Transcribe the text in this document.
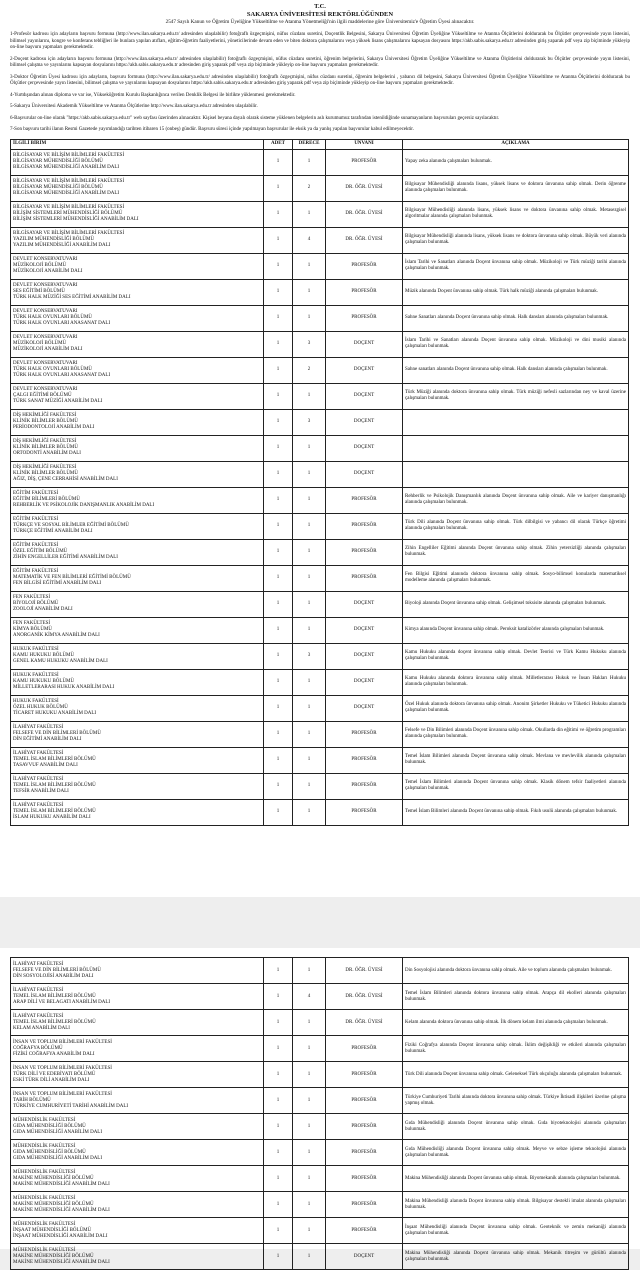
T.C.
SAKARYA ÜNİVERSİTESİ REKTÖRLÜĞÜNDEN
2547 Sayılı Kanun ve Öğretim Üyeliğine Yükseltilme ve Atanma Yönetmeliği'nin ilgili maddelerine göre Üniversitemiz'e Öğretim Üyesi alınacaktır.

1-Profesör kadrosu için adayların başvuru formuna (http://www.ilan.sakarya.edu.tr/ adresinden ulaşılabilir) fotoğraflı özgeçmişini, nüfus cüzdanı suretini, Doçentlik Belgesini, Sakarya Üniversitesi Öğretim Üyeliğine Yükseltilme ve Atanma Ölçütlerini doldurarak bu Ölçütler çerçevesinde yayın listesini, bilimsel yayınlarını, kongre ve konferans tebliğleri ile bunlara yapılan atıfları, eğitim-öğretim faaliyetlerini, yöneticilerinde devam eden ve biten doktora çalışmalarını veya yüksek lisans çalışmalarını kapsayan dosyasını https://akb.sabis.sakarya.edu.tr adresinden giriş yaparak pdf veya zip biçiminde yükleyip on-line başvuru yapmaları gerekmektedir.

2-Doçent kadrosu için adayların başvuru formuna (http://www.ilan.sakarya.edu.tr/ adresinden ulaşılabilir) fotoğraflı özgeçmişini, nüfus cüzdanı suretini, öğrenim belgelerini, Sakarya Üniversitesi Öğretim Üyeliğine Yükseltilme ve Atanma Ölçütlerini doldurarak bu Ölçütler çerçevesinde yayın listesini, bilimsel çalışma ve yayınlarını kapsayan dosyalarını https://akb.sabis.sakarya.edu.tr adresinden giriş yaparak pdf veya zip biçiminde yükleyip on-line başvuru yapmaları gerekmektedir.

3-Doktor Öğretim Üyesi kadrosu için adayların, başvuru formuna (http://www.ilan.sakarya.edu.tr/ adresinden ulaşılabilir) fotoğraflı özgeçmişini, nüfus cüzdanı suretini, öğrenim belgelerini , yabancı dil belgesini, Sakarya Üniversitesi Öğretim Üyeliğine Yükseltilme ve Atanma Ölçütlerini doldurarak bu Ölçütler çerçevesinde yayın listesini, bilimsel çalışma ve yayınlarını kapsayan dosyalarını https://akb.sabis.sakarya.edu.tr adresinden giriş yaparak pdf veya zip biçiminde yükleyip on-line başvuru yapmaları gerekmektedir.

4-Yurtdışından alınan diploma ve var ise, Yükseköğretim Kurulu Başkanlığınca verilen Denklik Belgesi ile birlikte yüklenmesi gerekmektedir.

5-Sakarya Üniversitesi Akademik Yükseltilme ve Atanma Ölçütlerine http://www.ilan.sakarya.edu.tr adresinden ulaşılabilir.

6-Başvurular on-line olarak "https://akb.sabis.sakarya.edu.tr" web sayfası üzerinden alınacaktır. Kişisel beyana dayalı olarak sisteme yüklenen belgelerin aslı kurumumuz tarafından istenildiğinde sunamayanların başvuruları geçersiz sayılacaktır.

7-Son başvuru tarihi ilanın Resmi Gazetede yayımlandığı tarihten itibaren 15 (onbeş) gündür. Başvuru süresi içinde yapılmayan başvurular ile eksik ya da yanlış yapılan başvurular kabul edilmeyecektir.

İLGİLİ BİRİM	ADET	DERECE	UNVANI	AÇIKLAMA

BİLGİSAYAR VE BİLİŞİM BİLİMLERİ FAKÜLTESİ
BİLGİSAYAR MÜHENDİSLİĞİ BÖLÜMÜ
BİLGİSAYAR MÜHENDİSLİĞİ ANABİLİM DALI	1	1	PROFESÖR	Yapay zeka alanında çalışmaları bulunmak.

BİLGİSAYAR VE BİLİŞİM BİLİMLERİ FAKÜLTESİ
BİLGİSAYAR MÜHENDİSLİĞİ BÖLÜMÜ
BİLGİSAYAR MÜHENDİSLİĞİ ANABİLİM DALI	1	2	DR. ÖĞR. ÜYESİ	Bilgisayar Mühendisliği alanında lisans, yüksek lisans ve doktora ünvanına sahip olmak. Derin öğrenme alanında çalışmaları bulunmak.

BİLGİSAYAR VE BİLİŞİM BİLİMLERİ FAKÜLTESİ
BİLİŞİM SİSTEMLERİ MÜHENDİSLİĞİ BÖLÜMÜ
BİLİŞİM SİSTEMLERİ MÜHENDİSLİĞİ ANABİLİM DALI	1	1	DR. ÖĞR. ÜYESİ	Bilgisayar Mühendisliği alanında lisans, yüksek lisans ve doktora ünvanına sahip olmak. Metasezgisel algoritmalar alanında çalışmaları bulunmak.

BİLGİSAYAR VE BİLİŞİM BİLİMLERİ FAKÜLTESİ
YAZILIM MÜHENDİSLİĞİ BÖLÜMÜ
YAZILIM MÜHENDİSLİĞİ ANABİLİM DALI	1	4	DR. ÖĞR. ÜYESİ	Bilgisayar Mühendisliği alanında lisans, yüksek lisans ve doktora ünvanına sahip olmak. Büyük veri alanında çalışmaları bulunmak.

DEVLET KONSERVATUVARI
MÜZİKOLOJİ BÖLÜMÜ
MÜZİKOLOJİ ANABİLİM DALI	1	1	PROFESÖR	İslam Tarihi ve Sanatları alanında Doçent ünvanına sahip olmak. Müzikoloji ve Türk müziği tarihi alanında çalışmaları bulunmak.

DEVLET KONSERVATUVARI
SES EĞİTİMİ BÖLÜMÜ
TÜRK HALK MÜZİĞİ SES EĞİTİMİ ANABİLİM DALI	1	1	PROFESÖR	Müzik alanında Doçent ünvanına sahip olmak. Türk halk müziği alanında çalışmaları bulunmak.

DEVLET KONSERVATUVARI
TÜRK HALK OYUNLARI BÖLÜMÜ
TÜRK HALK OYUNLARI ANASANAT DALI	1	1	PROFESÖR	Sahne Sanatları alanında Doçent ünvanına sahip olmak. Halk dansları alanında çalışmaları bulunmak.

DEVLET KONSERVATUVARI
MÜZİKOLOJİ BÖLÜMÜ
MÜZİKOLOJİ ANABİLİM DALI	1	3	DOÇENT	İslam Tarihi ve Sanatları alanında Doçent ünvanına sahip olmak. Müzikoloji ve dini musiki alanında çalışmaları bulunmak.

DEVLET KONSERVATUVARI
TÜRK HALK OYUNLARI BÖLÜMÜ
TÜRK HALK OYUNLARI ANASANAT DALI	1	2	DOÇENT	Sahne sanatları alanında Doçent ünvanına sahip olmak. Halk dansları alanında çalışmaları bulunmak.

DEVLET KONSERVATUVARI
ÇALGI EĞİTİMİ BÖLÜMÜ
TÜRK SANAT MÜZİĞİ ANABİLİM DALI	1	1	DOÇENT	Türk Müziği alanında doktora ünvanına sahip olmak. Türk müziği nefesli sazlarından ney ve kaval üzerine çalışmaları bulunmak.

DİŞ HEKİMLİĞİ FAKÜLTESİ
KLİNİK BİLİMLER BÖLÜMÜ
PERİODONTOLOJİ ANABİLİM DALI	1	3	DOÇENT	

DİŞ HEKİMLİĞİ FAKÜLTESİ
KLİNİK BİLİMLER BÖLÜMÜ
ORTODONTİ ANABİLİM DALI	1	1	DOÇENT	

DİŞ HEKİMLİĞİ FAKÜLTESİ
KLİNİK BİLİMLER BÖLÜMÜ
AĞIZ, DİŞ, ÇENE CERRAHİSİ ANABİLİM DALI	1	1	DOÇENT	

EĞİTİM FAKÜLTESİ
EĞİTİM BİLİMLERİ BÖLÜMÜ
REHBERLİK VE PSİKOLOJİK DANIŞMANLIK ANABİLİM DALI	1	1	PROFESÖR	Rehberlik ve Psikolojik Danışmanlık alanında Doçent ünvanına sahip olmak. Aile ve kariyer danışmanlığı alanında çalışmaları bulunmak.

EĞİTİM FAKÜLTESİ
TÜRKÇE VE SOSYAL BİLİMLER EĞİTİMİ BÖLÜMÜ
TÜRKÇE EĞİTİMİ ANABİLİM DALI	1	1	PROFESÖR	Türk Dili alanında Doçent ünvanına sahip olmak. Türk dilbilgisi ve yabancı dil olarak Türkçe öğretimi alanında çalışmaları bulunmak.

EĞİTİM FAKÜLTESİ
ÖZEL EĞİTİM BÖLÜMÜ
ZİHİN ENGELLİLER EĞİTİMİ ANABİLİM DALI	1	1	PROFESÖR	Zihin Engelliler Eğitimi alanında Doçent ünvanına sahip olmak. Zihin yetersizliği alanında çalışmaları bulunmak.

EĞİTİM FAKÜLTESİ
MATEMATİK VE FEN BİLİMLERİ EĞİTİMİ BÖLÜMÜ
FEN BİLGİSİ EĞİTİMİ ANABİLİM DALI	1	1	PROFESÖR	Fen Bilgisi Eğitimi alanında doktora ünvanına sahip olmak. Sosyo-bilimsel konularda matematiksel modelleme alanında çalışmaları bulunmak.

FEN FAKÜLTESİ
BİYOLOJİ BÖLÜMÜ
ZOOLOJİ ANABİLİM DALI	1	1	DOÇENT	Biyoloji alanında Doçent ünvanına sahip olmak. Gelişimsel toksisite alanında çalışmaları bulunmak.

FEN FAKÜLTESİ
KİMYA BÖLÜMÜ
ANORGANİK KİMYA ANABİLİM DALI	1	1	DOÇENT	Kimya alanında Doçent ünvanına sahip olmak. Peroksit katalizörler alanında çalışmaları bulunmak.

HUKUK FAKÜLTESİ
KAMU HUKUKU BÖLÜMÜ
GENEL KAMU HUKUKU ANABİLİM DALI	1	3	DOÇENT	Kamu Hukuku alanında doçent ünvanına sahip olmak. Devlet Teorisi ve Türk Kamu Hukuku alanında çalışmaları bulunmak.

HUKUK FAKÜLTESİ
KAMU HUKUKU BÖLÜMÜ
MİLLETLERARASI HUKUK ANABİLİM DALI	1	1	DOÇENT	Kamu Hukuku alanında doktora ünvanına sahip olmak. Milletlerarası Hukuk ve İnsan Hakları Hukuku alanında çalışmaları bulunmak.

HUKUK FAKÜLTESİ
ÖZEL HUKUK BÖLÜMÜ
TİCARET HUKUKU ANABİLİM DALI	1	1	DOÇENT	Özel Hukuk alanında doktora ünvanına sahip olmak. Anonim Şirketler Hukuku ve Tüketici Hukuku alanında çalışmaları bulunmak.

İLAHİYAT FAKÜLTESİ
FELSEFE VE DİN BİLİMLERİ BÖLÜMÜ
DİN EĞİTİMİ ANABİLİM DALI	1	1	PROFESÖR	Felsefe ve Din Bilimleri alanında Doçent ünvanına sahip olmak. Okullarda din eğitimi ve öğretim programları alanında çalışmaları bulunmak.

İLAHİYAT FAKÜLTESİ
TEMEL İSLAM BİLİMLERİ BÖLÜMÜ
TASAVVUF ANABİLİM DALI	1	1	PROFESÖR	Temel İslam Bilimleri alanında Doçent ünvanına sahip olmak. Mevlana ve mevlevilik alanında çalışmaları bulunmak.

İLAHİYAT FAKÜLTESİ
TEMEL İSLAM BİLİMLERİ BÖLÜMÜ
TEFSİR ANABİLİM DALI	1	1	PROFESÖR	Temel İslam Bilimleri alanında Doçent ünvanına sahip olmak. Klasik dönem tefsir faaliyetleri alanında çalışmaları bulunmak.

İLAHİYAT FAKÜLTESİ
TEMEL İSLAM BİLİMLERİ BÖLÜMÜ
İSLAM HUKUKU ANABİLİM DALI	1	1	PROFESÖR	Temel İslam Bilimleri alanında Doçent ünvanına sahip olmak. Fıkıh usulü alanında çalışmaları bulunmak.
İLAHİYAT FAKÜLTESİ
FELSEFE VE DİN BİLİMLERİ BÖLÜMÜ
DİN SOSYOLOJİSİ ANABİLİM DALI	1	1	DR. ÖĞR. ÜYESİ	Din Sosyolojisi alanında doktora ünvanına sahip olmak. Aile ve toplum alanında çalışmaları bulunmak.

İLAHİYAT FAKÜLTESİ
TEMEL İSLAM BİLİMLERİ BÖLÜMÜ
ARAP DİLİ VE BELAGATI ANABİLİM DALI	1	4	DR. ÖĞR. ÜYESİ	Temel İslam Bilimleri alanında doktora ünvanına sahip olmak. Arapça dil ekolleri alanında çalışmaları bulunmak.

İLAHİYAT FAKÜLTESİ
TEMEL İSLAM BİLİMLERİ BÖLÜMÜ
KELAM ANABİLİM DALI	1	1	DR. ÖĞR. ÜYESİ	Kelam alanında doktora ünvanına sahip olmak. İlk dönem kelam ilmi alanında çalışmaları bulunmak.

İNSAN VE TOPLUM BİLİMLERİ FAKÜLTESİ
COĞRAFYA BÖLÜMÜ
FİZİKİ COĞRAFYA ANABİLİM DALI	1	1	PROFESÖR	Fiziki Coğrafya alanında Doçent ünvanına sahip olmak. İklim değişikliği ve etkileri alanında çalışmaları bulunmak.

İNSAN VE TOPLUM BİLİMLERİ FAKÜLTESİ
TÜRK DİLİ VE EDEBİYATI BÖLÜMÜ
ESKİ TÜRK DİLİ ANABİLİM DALI	1	1	PROFESÖR	Türk Dili alanında Doçent ünvanına sahip olmak. Geleneksel Türk okçuluğu alanında çalışmaları bulunmak.

İNSAN VE TOPLUM BİLİMLERİ FAKÜLTESİ
TARİH BÖLÜMÜ
TÜRKİYE CUMHURİYETİ TARİHİ ANABİLİM DALI	1	1	PROFESÖR	Türkiye Cumhuriyeti Tarihi alanında doktora ünvanına sahip olmak. Türkiye İktisadi ilişkileri üzerine çalışma yapmış olmak.

MÜHENDİSLİK FAKÜLTESİ
GIDA MÜHENDİSLİĞİ BÖLÜMÜ
GIDA MÜHENDİSLİĞİ ANABİLİM DALI	1	1	PROFESÖR	Gıda Mühendisliği alanında Doçent ünvanına sahip olmak. Gıda biyoteknolojisi alanında çalışmaları bulunmak.

MÜHENDİSLİK FAKÜLTESİ
GIDA MÜHENDİSLİĞİ BÖLÜMÜ
GIDA MÜHENDİSLİĞİ ANABİLİM DALI	1	1	PROFESÖR	Gıda Mühendisliği alanında Doçent ünvanına sahip olmak. Meyve ve sebze işleme teknolojisi alanında çalışmaları bulunmak.

MÜHENDİSLİK FAKÜLTESİ
MAKİNE MÜHENDİSLİĞİ BÖLÜMÜ
MAKİNE MÜHENDİSLİĞİ ANABİLİM DALI	1	1	PROFESÖR	Makina Mühendisliği alanında Doçent ünvanına sahip olmak. Biyomekanik alanında çalışmaları bulunmak.

MÜHENDİSLİK FAKÜLTESİ
MAKİNE MÜHENDİSLİĞİ BÖLÜMÜ
MAKİNE MÜHENDİSLİĞİ ANABİLİM DALI	1	1	PROFESÖR	Makina Mühendisliği alanında Doçent ünvanına sahip olmak. Bilgisayar destekli imalat alanında çalışmaları bulunmak.

MÜHENDİSLİK FAKÜLTESİ
İNŞAAT MÜHENDİSLİĞİ BÖLÜMÜ
İNŞAAT MÜHENDİSLİĞİ ANABİLİM DALI	1	1	PROFESÖR	İnşaat Mühendisliği alanında Doçent ünvanına sahip olmak. Geoteknik ve zemin mekaniği alanında çalışmaları bulunmak.

MÜHENDİSLİK FAKÜLTESİ
MAKİNE MÜHENDİSLİĞİ BÖLÜMÜ
MAKİNE MÜHENDİSLİĞİ ANABİLİM DALI	1	1	DOÇENT	Makina Mühendisliği alanında Doçent ünvanına sahip olmak. Mekanik titreşim ve gürültü alanında çalışmaları bulunmak.
